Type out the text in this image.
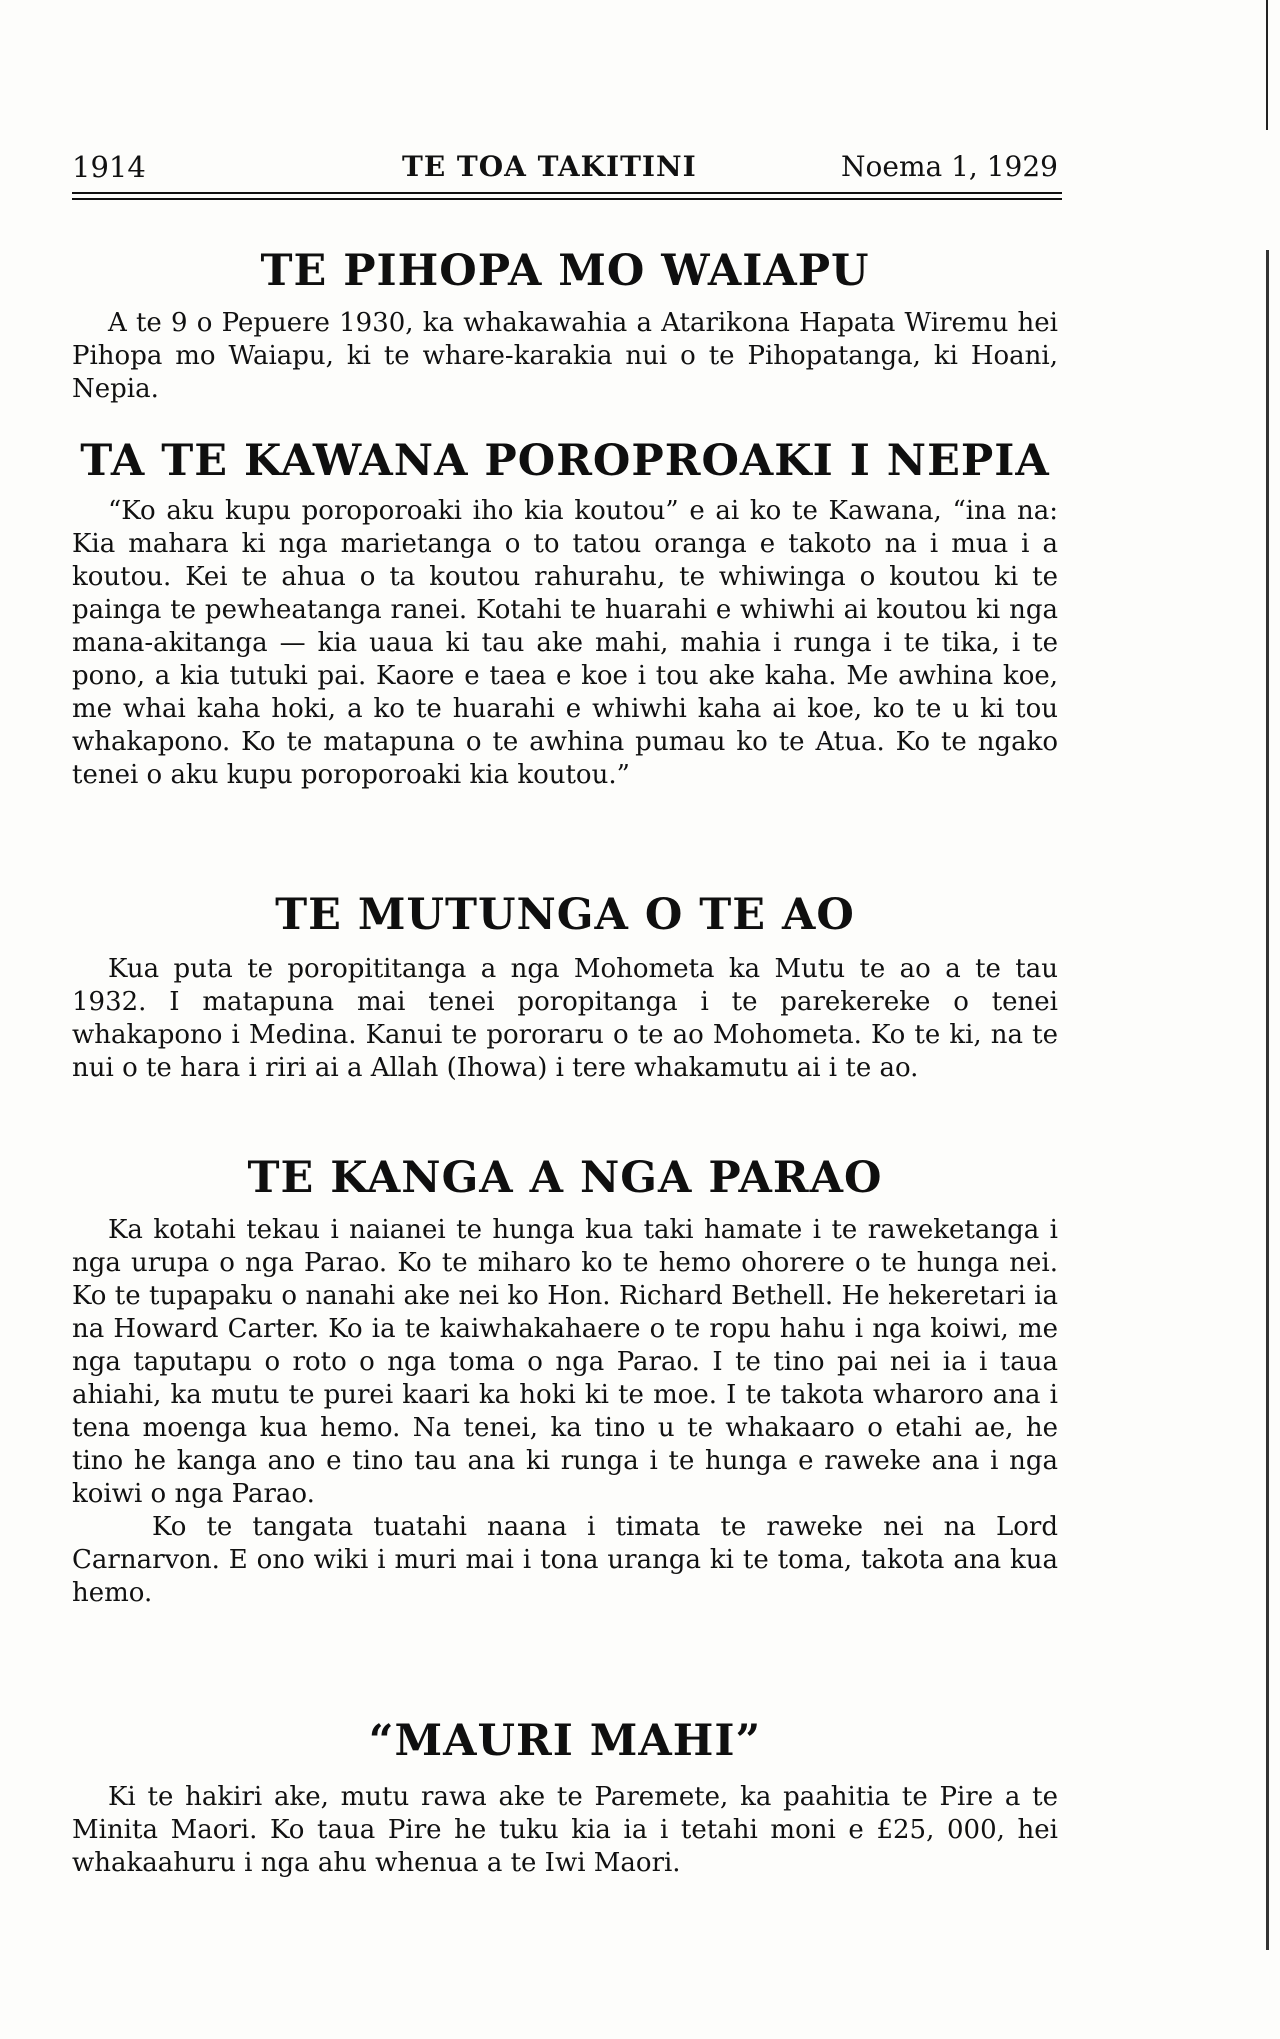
1914	TE TOA TAKITINI	Noema 1, 1929
TE PIHOPA MO WAIAPU

A te 9 o Pepuere 1930, ka whakawahia a Atarikona Hapata Wiremu hei Pihopa mo Waiapu, ki te whare-karakia nui o te Pihopatanga, ki Hoani, Nepia.

TA TE KAWANA POROPROAKI I NEPIA

“Ko aku kupu poroporoaki iho kia koutou” e ai ko te Kawana, “ina na: Kia mahara ki nga marietanga o to tatou oranga e takoto na i mua i a koutou. Kei te ahua o ta koutou rahurahu, te whiwinga o koutou ki te painga te pewheatanga ranei. Kotahi te huarahi e whiwhi ai koutou ki nga mana-akitanga — kia uaua ki tau ake mahi, mahia i runga i te tika, i te pono, a kia tutuki pai. Kaore e taea e koe i tou ake kaha. Me awhina koe, me whai kaha hoki, a ko te huarahi e whiwhi kaha ai koe, ko te u ki tou whakapono. Ko te matapuna o te awhina pumau ko te Atua. Ko te ngako tenei o aku kupu poroporoaki kia koutou.”

TE MUTUNGA O TE AO

Kua puta te poropititanga a nga Mohometa ka Mutu te ao a te tau 1932. I matapuna mai tenei poropitanga i te parekereke o tenei whakapono i Medina. Kanui te pororaru o te ao Mohometa. Ko te ki, na te nui o te hara i riri ai a Allah (Ihowa) i tere whakamutu ai i te ao.

TE KANGA A NGA PARAO

Ka kotahi tekau i naianei te hunga kua taki hamate i te raweketanga i nga urupa o nga Parao. Ko te miharo ko te hemo ohorere o te hunga nei. Ko te tupapaku o nanahi ake nei ko Hon. Richard Bethell. He hekeretari ia na Howard Carter. Ko ia te kaiwhakahaere o te ropu hahu i nga koiwi, me nga taputapu o roto o nga toma o nga Parao. I te tino pai nei ia i taua ahiahi, ka mutu te purei kaari ka hoki ki te moe. I te takota wharoro ana i tena moenga kua hemo. Na tenei, ka tino u te whakaaro o etahi ae, he tino he kanga ano e tino tau ana ki runga i te hunga e raweke ana i nga koiwi o nga Parao.

Ko te tangata tuatahi naana i timata te raweke nei na Lord Carnarvon. E ono wiki i muri mai i tona uranga ki te toma, takota ana kua hemo.

“MAURI MAHI”

Ki te hakiri ake, mutu rawa ake te Paremete, ka paahitia te Pire a te Minita Maori. Ko taua Pire he tuku kia ia i tetahi moni e £25, 000, hei whakaahuru i nga ahu whenua a te Iwi Maori.
